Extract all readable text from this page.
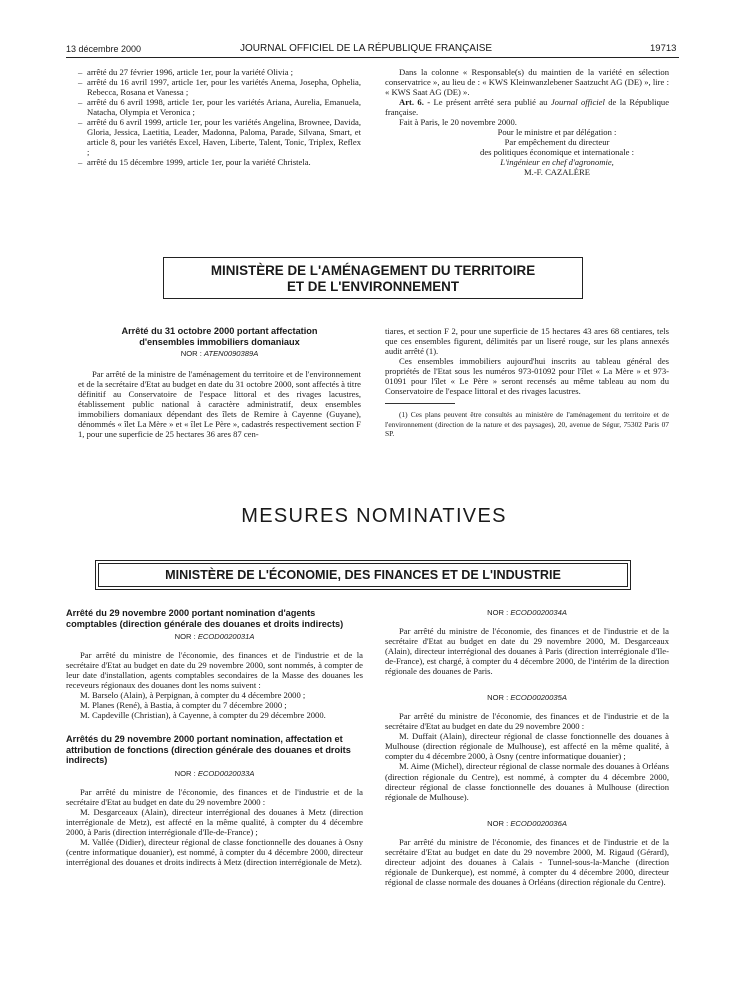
13 décembre 2000	JOURNAL OFFICIEL DE LA RÉPUBLIQUE FRANÇAISE	19713

– arrêté du 27 février 1996, article 1er, pour la variété Olivia ;

– arrêté du 16 avril 1997, article 1er, pour les variétés Anema, Josepha, Ophelia, Rebecca, Rosana et Vanessa ;

– arrêté du 6 avril 1998, article 1er, pour les variétés Ariana, Aurelia, Emanuela, Natacha, Olympia et Veronica ;

– arrêté du 6 avril 1999, article 1er, pour les variétés Angelina, Brownee, Davida, Gloria, Jessica, Laetitia, Leader, Madonna, Paloma, Parade, Silvana, Smart, et article 8, pour les variétés Excel, Haven, Liberte, Talent, Tonic, Triplex, Reflex ;

– arrêté du 15 décembre 1999, article 1er, pour la variété Christela.

Dans la colonne « Responsable(s) du maintien de la variété en sélection conservatrice », au lieu de : « KWS Kleinwanzlebener Saatzucht AG (DE) », lire : « KWS Saat AG (DE) ».

Art. 6. - Le présent arrêté sera publié au Journal officiel de la République française.

Fait à Paris, le 20 novembre 2000.

Pour le ministre et par délégation :

Par empêchement du directeur

des politiques économique et internationale :

L'ingénieur en chef d'agronomie,

M.-F. CAZALÉRE

MINISTÈRE DE L'AMÉNAGEMENT DU TERRITOIRE
ET DE L'ENVIRONNEMENT

Arrêté du 31 octobre 2000 portant affectation d'ensembles immobiliers domaniaux

NOR : ATEN0090389A

Par arrêté de la ministre de l'aménagement du territoire et de l'environnement et de la secrétaire d'Etat au budget en date du 31 octobre 2000, sont affectés à titre définitif au Conservatoire de l'espace littoral et des rivages lacustres, établissement public national à caractère administratif, deux ensembles immobiliers domaniaux dépendant des îlets de Remire à Cayenne (Guyane), dénommés « îlet La Mère » et « îlet Le Père », cadastrés respectivement section F 1, pour une superficie de 25 hectares 36 ares 87 cen-

tiares, et section F 2, pour une superficie de 15 hectares 43 ares 68 centiares, tels que ces ensembles figurent, délimités par un liseré rouge, sur les plans annexés audit arrêté (1).

Ces ensembles immobiliers aujourd'hui inscrits au tableau général des propriétés de l'Etat sous les numéros 973-01092 pour l'îlet « La Mère » et 973-01091 pour l'îlet « Le Père » seront recensés au même tableau au nom du Conservatoire de l'espace littoral et des rivages lacustres.

(1) Ces plans peuvent être consultés au ministère de l'aménagement du territoire et de l'environnement (direction de la nature et des paysages), 20, avenue de Ségur, 75302 Paris 07 SP.

MESURES NOMINATIVES
MINISTÈRE DE L'ÉCONOMIE, DES FINANCES ET DE L'INDUSTRIE

Arrêté du 29 novembre 2000 portant nomination d'agents comptables (direction générale des douanes et droits indirects)

NOR : ECOD0020031A

Par arrêté du ministre de l'économie, des finances et de l'industrie et de la secrétaire d'Etat au budget en date du 29 novembre 2000, sont nommés, à compter de leur date d'installation, agents comptables secondaires de la Masse des douanes les receveurs régionaux des douanes dont les noms suivent :

M. Barselo (Alain), à Perpignan, à compter du 4 décembre 2000 ;

M. Planes (René), à Bastia, à compter du 7 décembre 2000 ;

M. Capdeville (Christian), à Cayenne, à compter du 29 décembre 2000.

Arrêtés du 29 novembre 2000 portant nomination, affectation et attribution de fonctions (direction générale des douanes et droits indirects)

NOR : ECOD0020033A

Par arrêté du ministre de l'économie, des finances et de l'industrie et de la secrétaire d'Etat au budget en date du 29 novembre 2000 :

M. Desgarceaux (Alain), directeur interrégional des douanes à Metz (direction interrégionale de Metz), est affecté en la même qualité, à compter du 4 décembre 2000, à Paris (direction interrégionale d'Ile-de-France) ;

M. Vallée (Didier), directeur régional de classe fonctionnelle des douanes à Osny (centre informatique douanier), est nommé, à compter du 4 décembre 2000, directeur interrégional des douanes et droits indirects à Metz (direction interrégionale de Metz).

NOR : ECOD0020034A

Par arrêté du ministre de l'économie, des finances et de l'industrie et de la secrétaire d'Etat au budget en date du 29 novembre 2000, M. Desgarceaux (Alain), directeur interrégional des douanes à Paris (direction interrégionale d'Ile-de-France), est chargé, à compter du 4 décembre 2000, de l'intérim de la direction régionale des douanes de Paris.

NOR : ECOD0020035A

Par arrêté du ministre de l'économie, des finances et de l'industrie et de la secrétaire d'Etat au budget en date du 29 novembre 2000 :

M. Duffait (Alain), directeur régional de classe fonctionnelle des douanes à Mulhouse (direction régionale de Mulhouse), est affecté en la même qualité, à compter du 4 décembre 2000, à Osny (centre informatique douanier) ;

M. Aime (Michel), directeur régional de classe normale des douanes à Orléans (direction régionale du Centre), est nommé, à compter du 4 décembre 2000, directeur régional de classe fonctionnelle des douanes à Mulhouse (direction régionale de Mulhouse).

NOR : ECOD0020036A

Par arrêté du ministre de l'économie, des finances et de l'industrie et de la secrétaire d'Etat au budget en date du 29 novembre 2000, M. Rigaud (Gérard), directeur adjoint des douanes à Calais - Tunnel-sous-la-Manche (direction régionale de Dunkerque), est nommé, à compter du 4 décembre 2000, directeur régional de classe normale des douanes à Orléans (direction régionale du Centre).
